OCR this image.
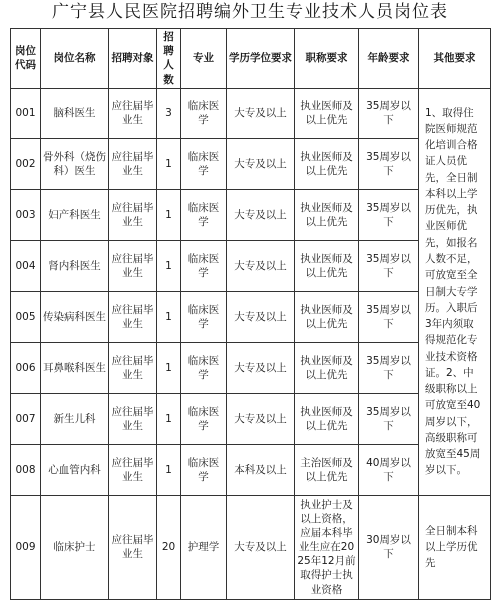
广宁县人民医院招聘编外卫生专业技术人员岗位表
岗位代码	岗位名称	招聘对象	招聘人数	专业	学历学位要求	职称要求	年龄要求	其他要求
001	脑科医生	应往届毕业生	3	临床医学	大专及以上	执业医师及以上优先	35周岁以下	1、取得住院医师规范化培训合格证人员优先，全日制本科以上学历优先，执业医师优先，如报名人数不足，可放宽至全日制大专学历。入职后3年内须取得规范化专业技术资格证。2、中级职称以上可放宽至40周岁以下，高级职称可放宽至45周岁以下。
002	骨外科（烧伤科）医生	应往届毕业生	1	临床医学	大专及以上	执业医师及以上优先	35周岁以下	
003	妇产科医生	应往届毕业生	1	临床医学	大专及以上	执业医师及以上优先	35周岁以下	
004	肾内科医生	应往届毕业生	1	临床医学	大专及以上	执业医师及以上优先	35周岁以下	
005	传染病科医生	应往届毕业生	1	临床医学	大专及以上	执业医师及以上优先	35周岁以下	
006	耳鼻喉科医生	应往届毕业生	1	临床医学	大专及以上	执业医师及以上优先	35周岁以下	
007	新生儿科	应往届毕业生	1	临床医学	大专及以上	执业医师及以上优先	35周岁以下	
008	心血管内科	应往届毕业生	1	临床医学	本科及以上	主治医师及以上优先	40周岁以下	
009	临床护士	应往届毕业生	20	护理学	大专及以上	执业护士及以上资格，应届本科毕业生应在2025年12月前取得护士执业资格	30周岁以下	全日制本科以上学历优先
